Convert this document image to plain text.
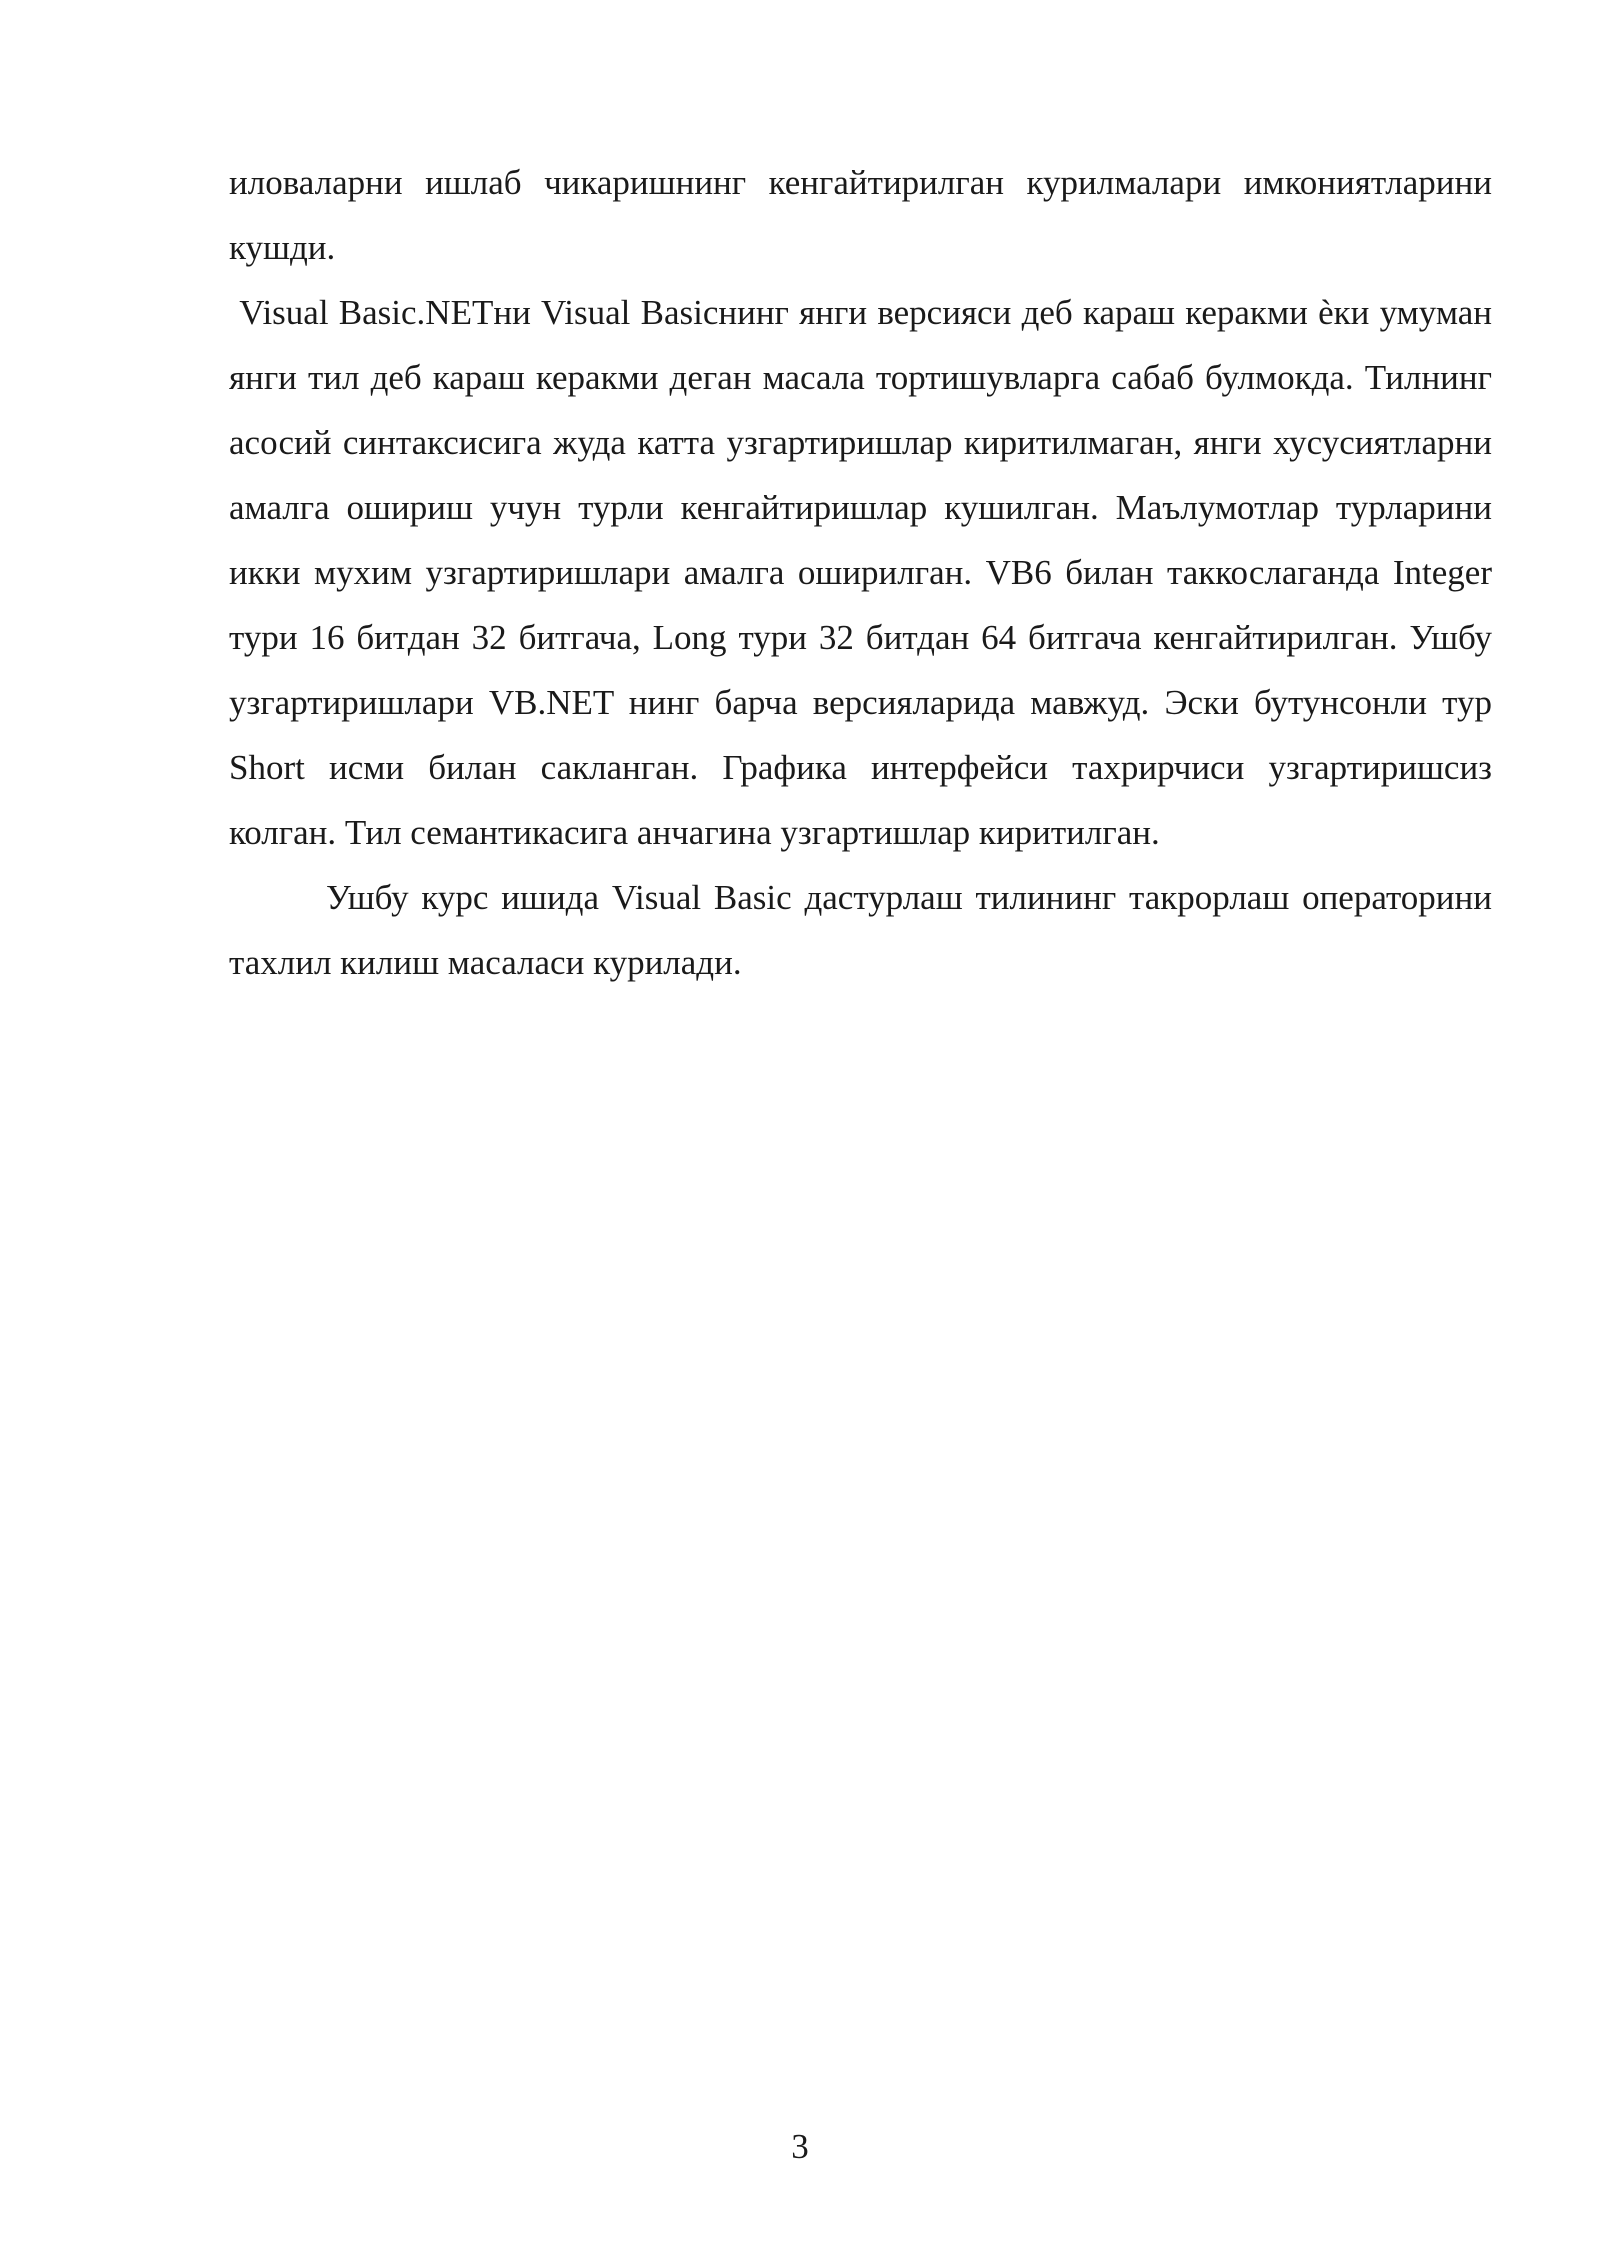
иловаларни ишлаб чикаришнинг кенгайтирилган курилмалари имкониятларини кушди.

Visual Basic.NETни Visual Basicнинг янги версияси деб караш керакми ѐки умуман янги тил деб караш керакми деган масала тортишувларга сабаб булмокда. Тилнинг асосий синтаксисига жуда катта узгартиришлар киритилмаган, янги хусусиятларни амалга ошириш учун турли кенгайтиришлар кушилган. Маълумотлар турларини икки мухим узгартиришлари амалга оширилган. VB6 билан таккослаганда Integer тури 16 битдан 32 битгача, Long тури 32 битдан 64 битгача кенгайтирилган. Ушбу узгартиришлари VB.NET нинг барча версияларида мавжуд. Эски бутунсонли тур Short исми билан сакланган. Графика интерфейси тахрирчиси узгартиришсиз колган. Тил семантикасига анчагина узгартишлар киритилган.

Ушбу курс ишида Visual Basic дастурлаш тилининг такрорлаш операторини тахлил килиш масаласи курилади.

3
